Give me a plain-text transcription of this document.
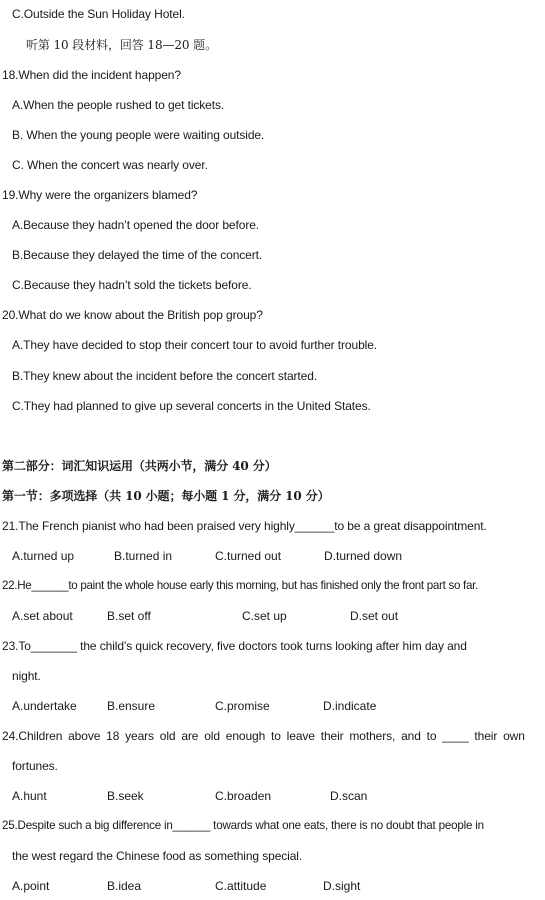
C.Outside the Sun Holiday Hotel.
听第 10 段材料，回答 18—20 题。
18.When did the incident happen?
A.When the people rushed to get tickets.
B. When the young people were waiting outside.
C. When the concert was nearly over.
19.Why were the organizers blamed?
A.Because they hadn’t opened the door before.
B.Because they delayed the time of the concert.
C.Because they hadn’t sold the tickets before.
20.What do we know about the British pop group?
A.They have decided to stop their concert tour to avoid further trouble.
B.They knew about the incident before the concert started.
C.They had planned to give up several concerts in the United States.
第二部分：词汇知识运用（共两小节，满分 40 分）
第一节：多项选择（共 10 小题；每小题 1 分，满分 10 分）
21.The French pianist who had been praised very highly______to be a great disappointment.
A.turned up	B.turned in	C.turned out	D.turned down
22.He______to paint the whole house early this morning, but has finished only the front part so far.
A.set about	B.set off	C.set up	D.set out
23.To_______ the child’s quick recovery, five doctors took turns looking after him day and
night.
A.undertake	B.ensure	C.promise	D.indicate
24.Children above 18 years old are old enough to leave their mothers, and to ____ their own
fortunes.
A.hunt	B.seek	C.broaden	D.scan
25.Despite such a big difference in______ towards what one eats, there is no doubt that people in
the west regard the Chinese food as something special.
A.point	B.idea	C.attitude	D.sight
